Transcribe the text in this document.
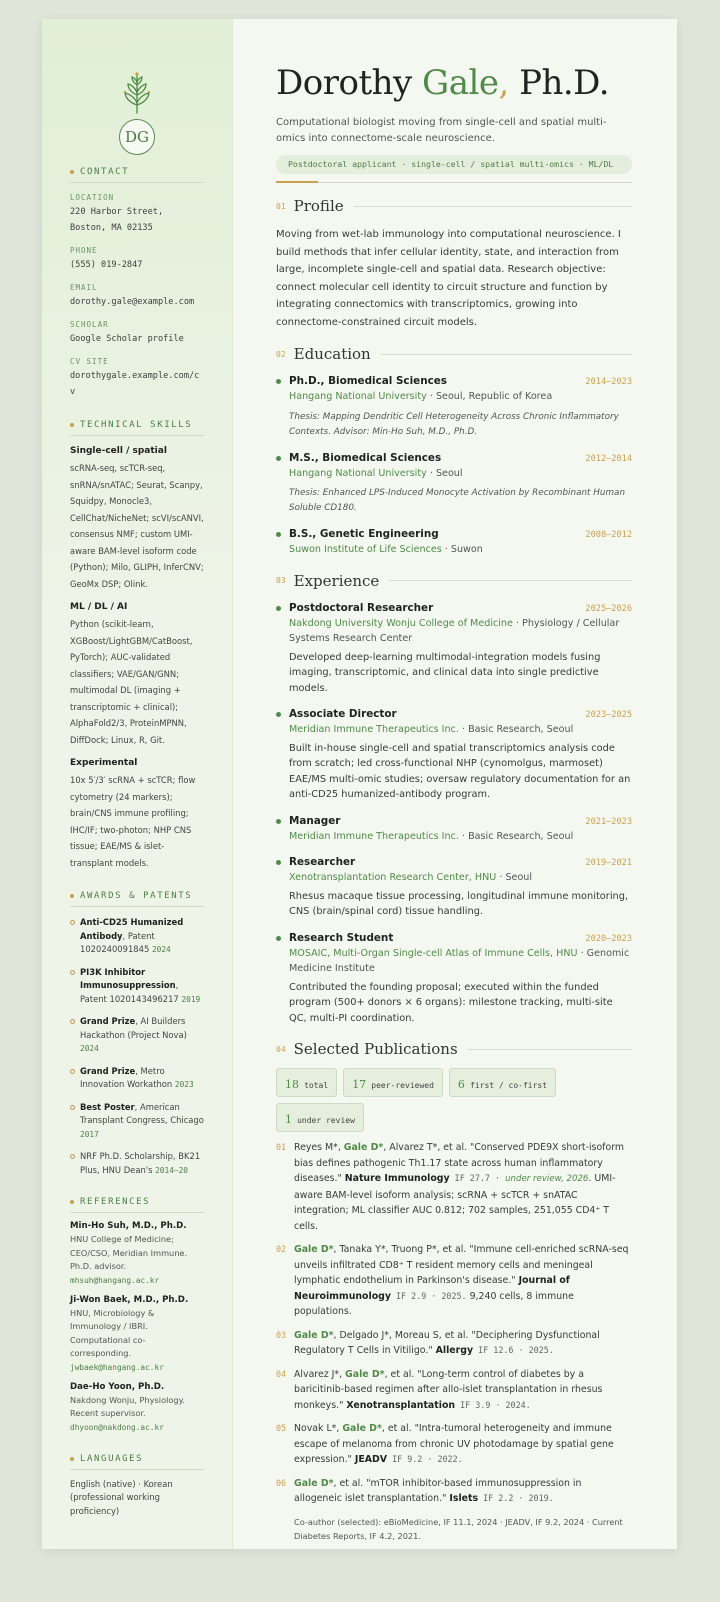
DG
CONTACT
LOCATION
220 Harbor Street,
Boston, MA 02135
PHONE
(555) 019-2847
EMAIL
dorothy.gale@example.com
SCHOLAR
Google Scholar profile
CV SITE
dorothygale.example.com/cv
TECHNICAL SKILLS
Single-cell / spatial
scRNA-seq, scTCR-seq, snRNA/snATAC; Seurat, Scanpy, Squidpy, Monocle3, CellChat/NicheNet; scVI/scANVI, consensus NMF; custom UMI-aware BAM-level isoform code (Python); Milo, GLIPH, InferCNV; GeoMx DSP; Olink.
ML / DL / AI
Python (scikit-learn, XGBoost/LightGBM/CatBoost, PyTorch); AUC-validated classifiers; VAE/GAN/GNN; multimodal DL (imaging + transcriptomic + clinical); AlphaFold2/3, ProteinMPNN, DiffDock; Linux, R, Git.
Experimental
10x 5′/3′ scRNA + scTCR; flow cytometry (24 markers); brain/CNS immune profiling; IHC/IF; two-photon; NHP CNS tissue; EAE/MS & islet-transplant models.
AWARDS & PATENTS
Anti-CD25 Humanized Antibody, Patent 1020240091845 2024
PI3K Inhibitor Immunosuppression, Patent 1020143496217 2019
Grand Prize, AI Builders Hackathon (Project Nova) 2024
Grand Prize, Metro Innovation Workathon 2023
Best Poster, American Transplant Congress, Chicago 2017
NRF Ph.D. Scholarship, BK21 Plus, HNU Dean's 2014–20
REFERENCES
Min-Ho Suh, M.D., Ph.D.
HNU College of Medicine; CEO/CSO, Meridian Immune. Ph.D. advisor.
mhsuh@hangang.ac.kr
Ji-Won Baek, M.D., Ph.D.
HNU, Microbiology & Immunology / IBRI. Computational co-corresponding.
jwbaek@hangang.ac.kr
Dae-Ho Yoon, Ph.D.
Nakdong Wonju, Physiology. Recent supervisor.
dhyoon@nakdong.ac.kr
LANGUAGES
English (native) · Korean (professional working proficiency)
Dorothy Gale, Ph.D.
Computational biologist moving from single-cell and spatial multi-omics into connectome-scale neuroscience.
Postdoctoral applicant · single-cell / spatial multi-omics · ML/DL
01 Profile
Moving from wet-lab immunology into computational neuroscience. I build methods that infer cellular identity, state, and interaction from large, incomplete single-cell and spatial data. Research objective: connect molecular cell identity to circuit structure and function by integrating connectomics with transcriptomics, growing into connectome-constrained circuit models.
02 Education
Ph.D., Biomedical Sciences	2014–2023
Hangang National University · Seoul, Republic of Korea
Thesis: Mapping Dendritic Cell Heterogeneity Across Chronic Inflammatory Contexts. Advisor: Min-Ho Suh, M.D., Ph.D.
M.S., Biomedical Sciences	2012–2014
Hangang National University · Seoul
Thesis: Enhanced LPS-Induced Monocyte Activation by Recombinant Human Soluble CD180.
B.S., Genetic Engineering	2008–2012
Suwon Institute of Life Sciences · Suwon
03 Experience
Postdoctoral Researcher	2025–2026
Nakdong University Wonju College of Medicine · Physiology / Cellular Systems Research Center
Developed deep-learning multimodal-integration models fusing imaging, transcriptomic, and clinical data into single predictive models.
Associate Director	2023–2025
Meridian Immune Therapeutics Inc. · Basic Research, Seoul
Built in-house single-cell and spatial transcriptomics analysis code from scratch; led cross-functional NHP (cynomolgus, marmoset) EAE/MS multi-omic studies; oversaw regulatory documentation for an anti-CD25 humanized-antibody program.
Manager	2021–2023
Meridian Immune Therapeutics Inc. · Basic Research, Seoul
Researcher	2019–2021
Xenotransplantation Research Center, HNU · Seoul
Rhesus macaque tissue processing, longitudinal immune monitoring, CNS (brain/spinal cord) tissue handling.
Research Student	2020–2023
MOSAIC, Multi-Organ Single-cell Atlas of Immune Cells, HNU · Genomic Medicine Institute
Contributed the founding proposal; executed within the funded program (500+ donors × 6 organs): milestone tracking, multi-site QC, multi-PI coordination.
04 Selected Publications
18 total	17 peer-reviewed	6 first / co-first
1 under review
01 Reyes M*, Gale D*, Alvarez T*, et al. "Conserved PDE9X short-isoform bias defines pathogenic Th1.17 state across human inflammatory diseases." Nature Immunology IF 27.7 · under review, 2026. UMI-aware BAM-level isoform analysis; scRNA + scTCR + snATAC integration; ML classifier AUC 0.812; 702 samples, 251,055 CD4⁺ T cells.
02 Gale D*, Tanaka Y*, Truong P*, et al. "Immune cell-enriched scRNA-seq unveils infiltrated CD8⁺ T resident memory cells and meningeal lymphatic endothelium in Parkinson's disease." Journal of Neuroimmunology IF 2.9 · 2025. 9,240 cells, 8 immune populations.
03 Gale D*, Delgado J*, Moreau S, et al. "Deciphering Dysfunctional Regulatory T Cells in Vitiligo." Allergy IF 12.6 · 2025.
04 Alvarez J*, Gale D*, et al. "Long-term control of diabetes by a baricitinib-based regimen after allo-islet transplantation in rhesus monkeys." Xenotransplantation IF 3.9 · 2024.
05 Novak L*, Gale D*, et al. "Intra-tumoral heterogeneity and immune escape of melanoma from chronic UV photodamage by spatial gene expression." JEADV IF 9.2 · 2022.
06 Gale D*, et al. "mTOR inhibitor-based immunosuppression in allogeneic islet transplantation." Islets IF 2.2 · 2019.
Co-author (selected): eBioMedicine, IF 11.1, 2024 · JEADV, IF 9.2, 2024 · Current Diabetes Reports, IF 4.2, 2021.
